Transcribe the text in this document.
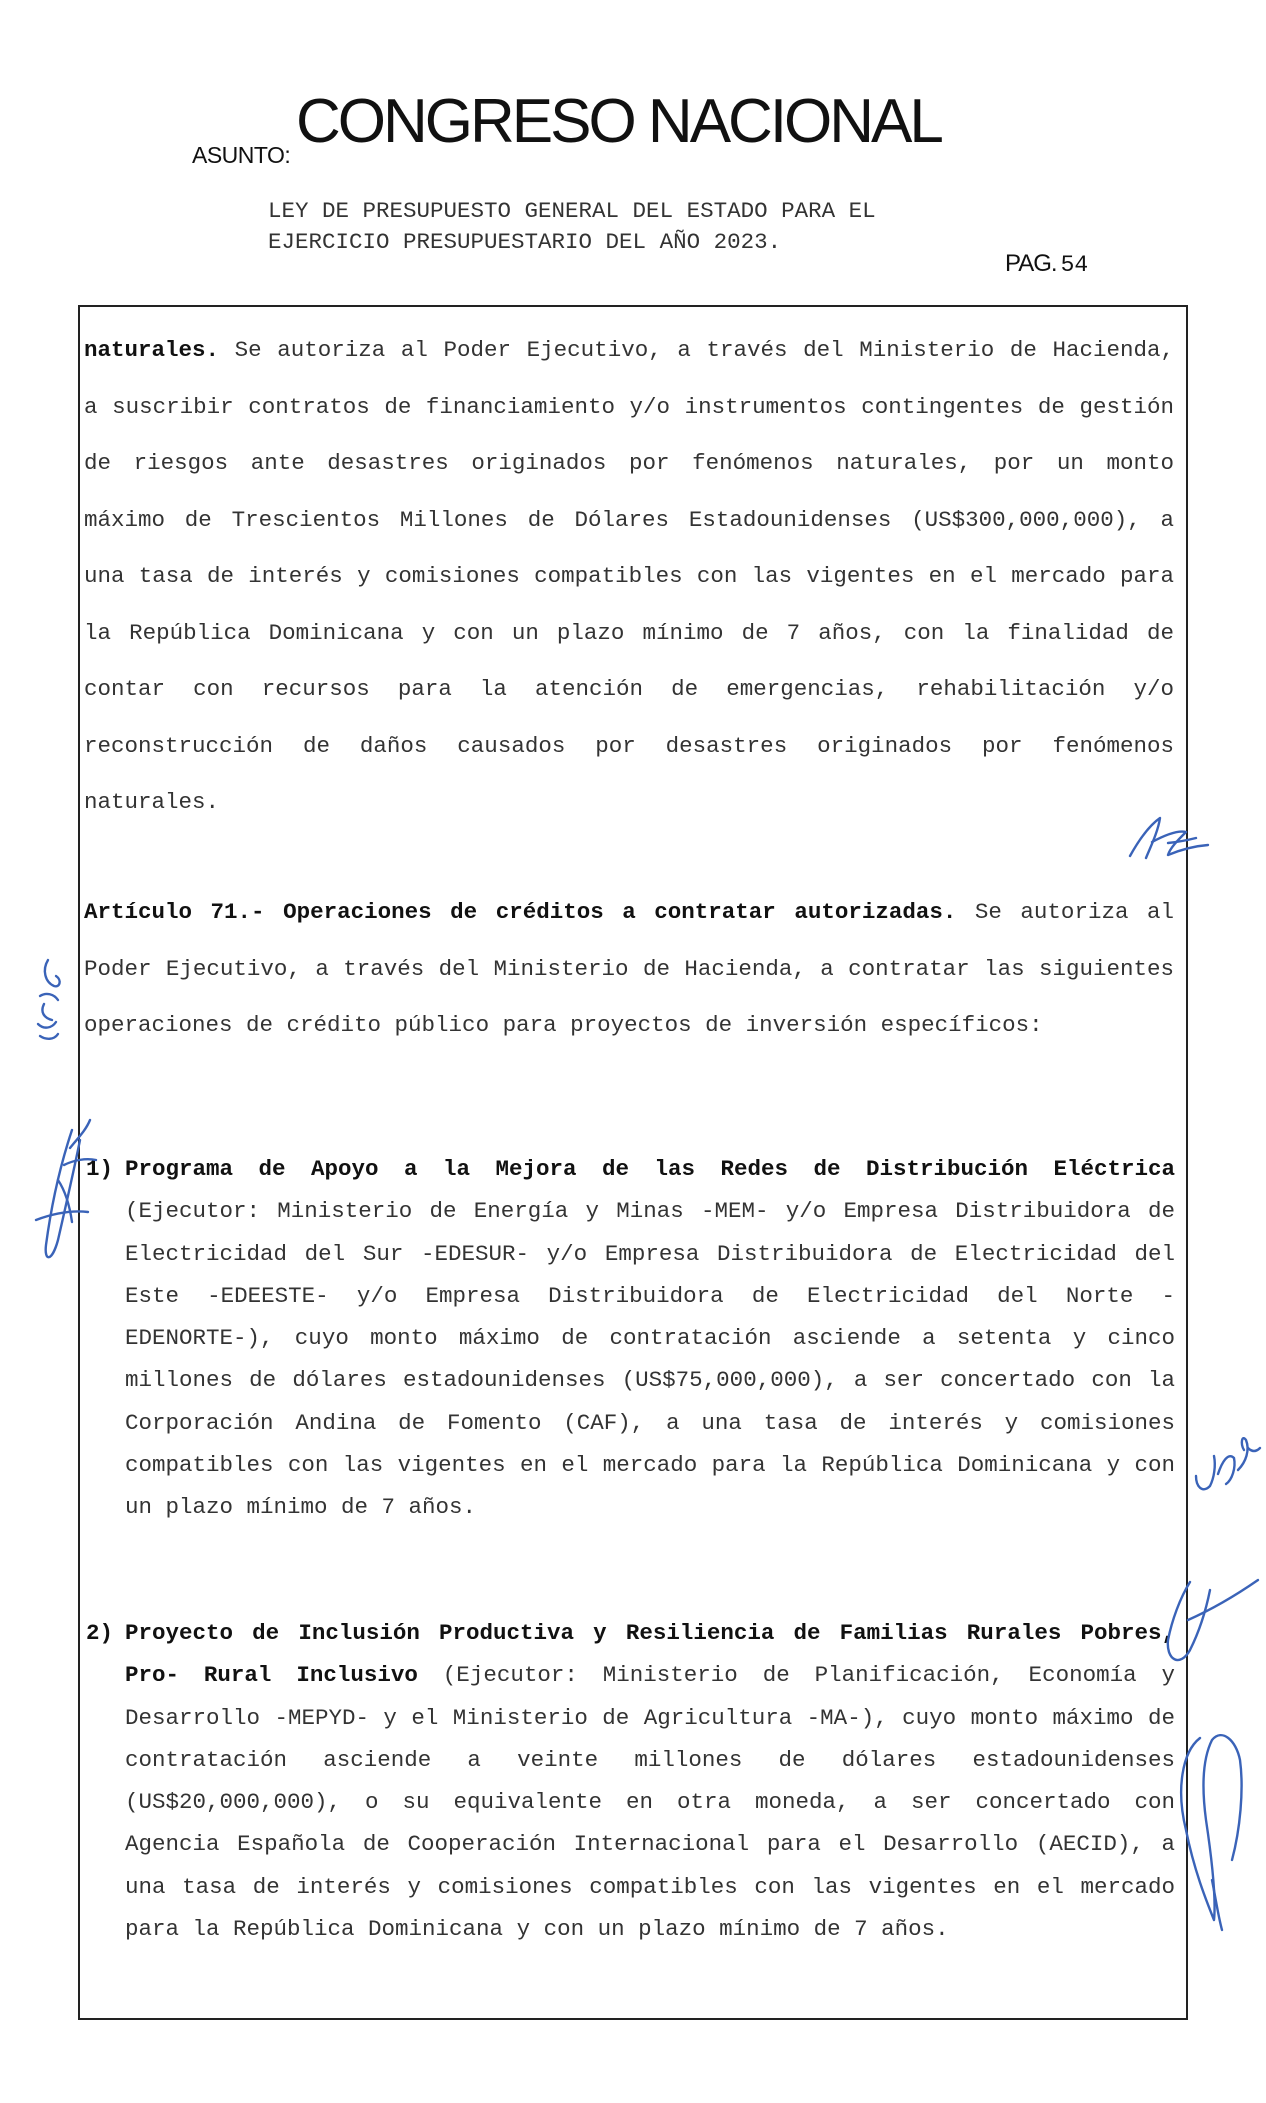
ASUNTO: CONGRESO NACIONAL
LEY DE PRESUPUESTO GENERAL DEL ESTADO PARA EL
EJERCICIO PRESUPUESTARIO DEL AÑO 2023.
PAG. 54
naturales. Se autoriza al Poder Ejecutivo, a través del Ministerio de Hacienda, a suscribir contratos de financiamiento y/o instrumentos contingentes de gestión de riesgos ante desastres originados por fenómenos naturales, por un monto máximo de Trescientos Millones de Dólares Estadounidenses (US$300,000,000), a una tasa de interés y comisiones compatibles con las vigentes en el mercado para la República Dominicana y con un plazo mínimo de 7 años, con la finalidad de contar con recursos para la atención de emergencias, rehabilitación y/o reconstrucción de daños causados por desastres originados por fenómenos naturales.
Artículo 71.- Operaciones de créditos a contratar autorizadas. Se autoriza al Poder Ejecutivo, a través del Ministerio de Hacienda, a contratar las siguientes operaciones de crédito público para proyectos de inversión específicos:
1) Programa de Apoyo a la Mejora de las Redes de Distribución Eléctrica (Ejecutor: Ministerio de Energía y Minas -MEM- y/o Empresa Distribuidora de Electricidad del Sur -EDESUR- y/o Empresa Distribuidora de Electricidad del Este -EDEESTE- y/o Empresa Distribuidora de Electricidad del Norte -EDENORTE-), cuyo monto máximo de contratación asciende a setenta y cinco millones de dólares estadounidenses (US$75,000,000), a ser concertado con la Corporación Andina de Fomento (CAF), a una tasa de interés y comisiones compatibles con las vigentes en el mercado para la República Dominicana y con un plazo mínimo de 7 años.
2) Proyecto de Inclusión Productiva y Resiliencia de Familias Rurales Pobres, Pro- Rural Inclusivo (Ejecutor: Ministerio de Planificación, Economía y Desarrollo -MEPYD- y el Ministerio de Agricultura -MA-), cuyo monto máximo de contratación asciende a veinte millones de dólares estadounidenses (US$20,000,000), o su equivalente en otra moneda, a ser concertado con Agencia Española de Cooperación Internacional para el Desarrollo (AECID), a una tasa de interés y comisiones compatibles con las vigentes en el mercado para la República Dominicana y con un plazo mínimo de 7 años.
